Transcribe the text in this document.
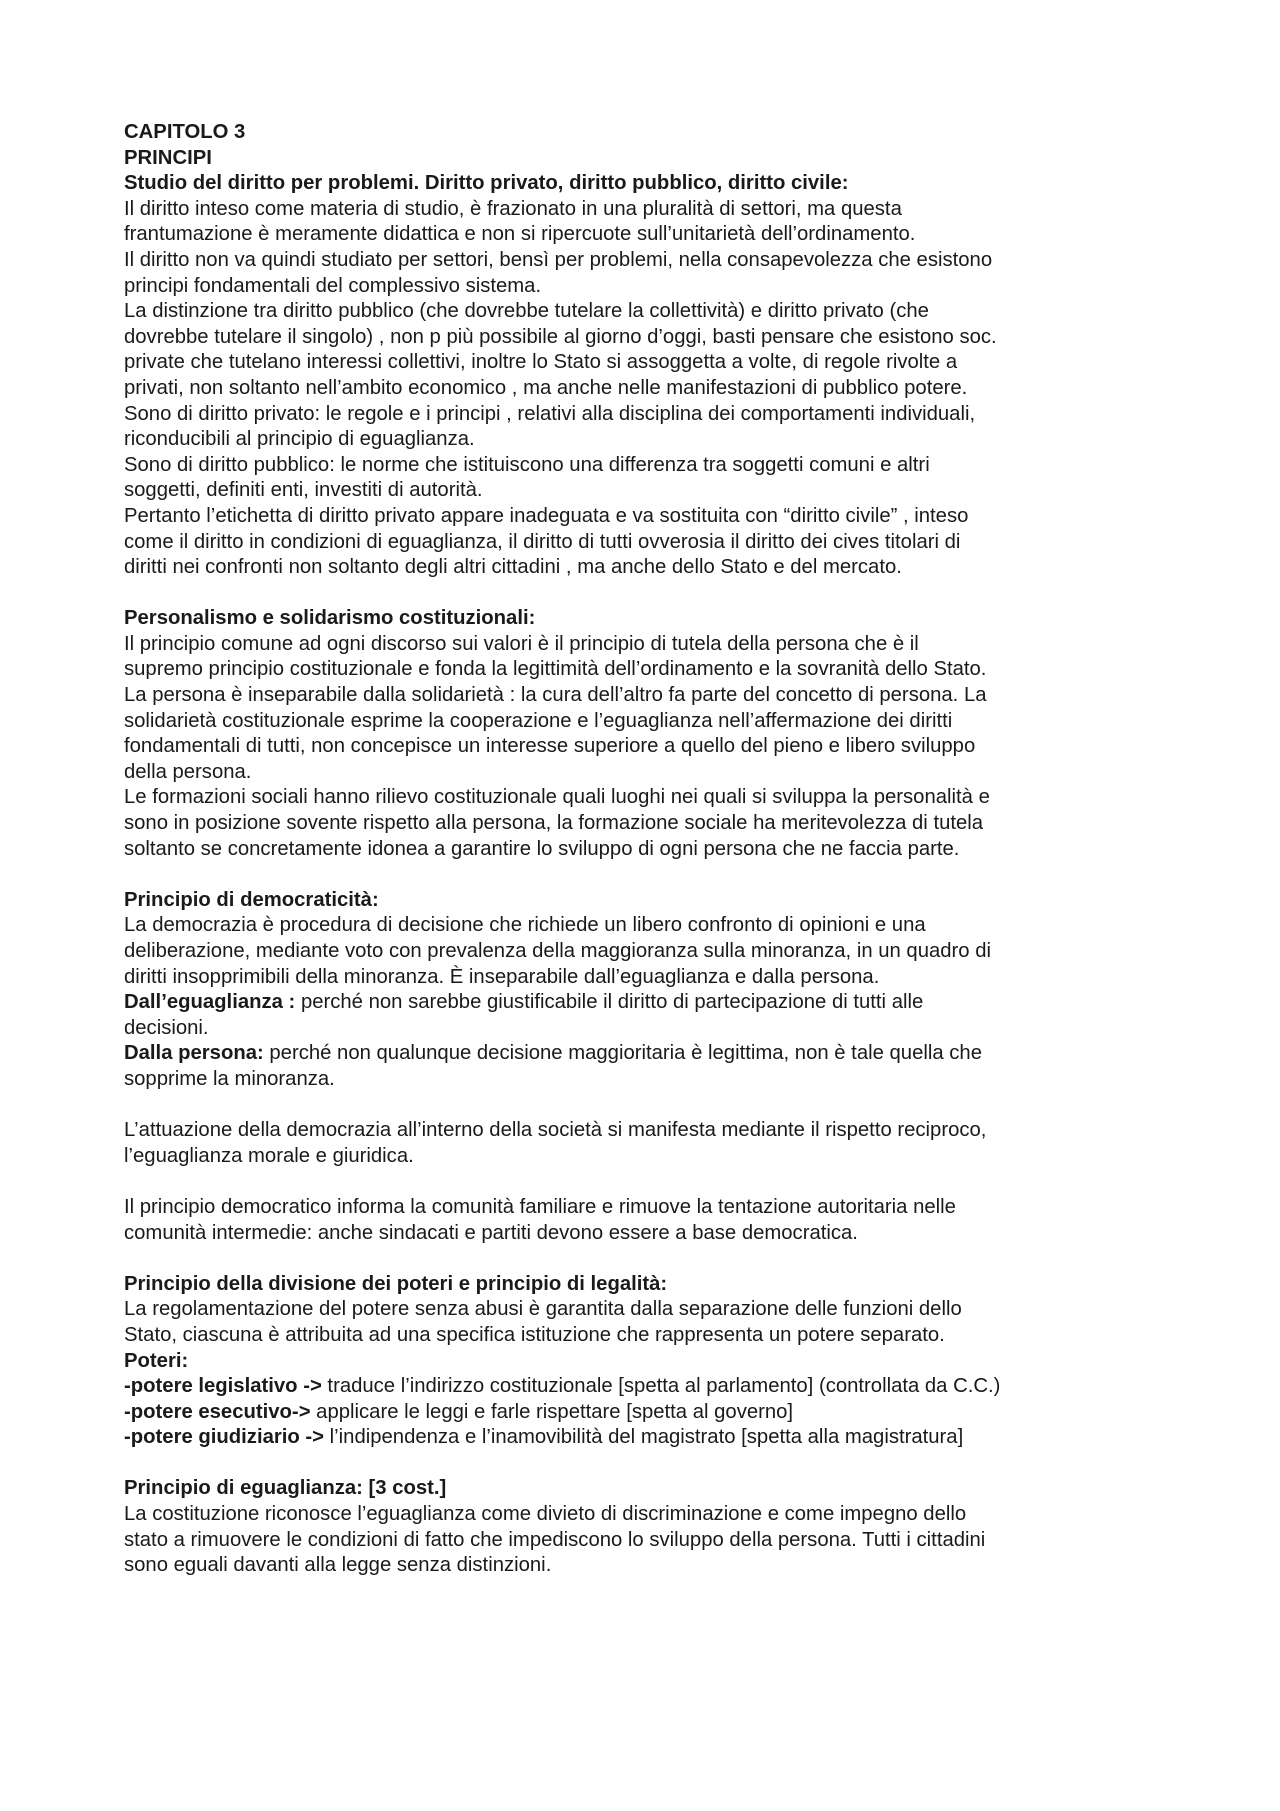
CAPITOLO 3
PRINCIPI
Studio del diritto per problemi. Diritto privato, diritto pubblico, diritto civile:
Il diritto inteso come materia di studio, è frazionato in una pluralità di settori, ma questa
frantumazione è meramente didattica e non si ripercuote sull’unitarietà dell’ordinamento.
Il diritto non va quindi studiato per settori, bensì per problemi, nella consapevolezza che esistono
principi fondamentali del complessivo sistema.
La distinzione tra diritto pubblico (che dovrebbe tutelare la collettività) e diritto privato (che
dovrebbe tutelare il singolo) , non p più possibile al giorno d’oggi, basti pensare che esistono soc.
private che tutelano interessi collettivi, inoltre lo Stato si assoggetta a volte, di regole rivolte a
privati, non soltanto nell’ambito economico , ma anche nelle manifestazioni di pubblico potere.
Sono di diritto privato: le regole e i principi , relativi alla disciplina dei comportamenti individuali,
riconducibili al principio di eguaglianza.
Sono di diritto pubblico: le norme che istituiscono una differenza tra soggetti comuni e altri
soggetti, definiti enti, investiti di autorità.
Pertanto l’etichetta di diritto privato appare inadeguata e va sostituita con “diritto civile” , inteso
come il diritto in condizioni di eguaglianza, il diritto di tutti ovverosia il diritto dei cives titolari di
diritti nei confronti non soltanto degli altri cittadini , ma anche dello Stato e del mercato.
Personalismo e solidarismo costituzionali:
Il principio comune ad ogni discorso sui valori è il principio di tutela della persona che è il
supremo principio costituzionale e fonda la legittimità dell’ordinamento e la sovranità dello Stato.
La persona è inseparabile dalla solidarietà : la cura dell’altro fa parte del concetto di persona. La
solidarietà costituzionale esprime la cooperazione e l’eguaglianza nell’affermazione dei diritti
fondamentali di tutti, non concepisce un interesse superiore a quello del pieno e libero sviluppo
della persona.
Le formazioni sociali hanno rilievo costituzionale quali luoghi nei quali si sviluppa la personalità e
sono in posizione sovente rispetto alla persona, la formazione sociale ha meritevolezza di tutela
soltanto se concretamente idonea a garantire lo sviluppo di ogni persona che ne faccia parte.
Principio di democraticità:
La democrazia è procedura di decisione che richiede un libero confronto di opinioni e una
deliberazione, mediante voto con prevalenza della maggioranza sulla minoranza, in un quadro di
diritti insopprimibili della minoranza. È inseparabile dall’eguaglianza e dalla persona.
Dall’eguaglianza : perché non sarebbe giustificabile il diritto di partecipazione di tutti alle
decisioni.
Dalla persona: perché non qualunque decisione maggioritaria è legittima, non è tale quella che
sopprime la minoranza.
L’attuazione della democrazia all’interno della società si manifesta mediante il rispetto reciproco,
l’eguaglianza morale e giuridica.
Il principio democratico informa la comunità familiare e rimuove la tentazione autoritaria nelle
comunità intermedie: anche sindacati e partiti devono essere a base democratica.
Principio della divisione dei poteri e principio di legalità:
La regolamentazione del potere senza abusi è garantita dalla separazione delle funzioni dello
Stato, ciascuna è attribuita ad una specifica istituzione che rappresenta un potere separato.
Poteri:
-potere legislativo -> traduce l’indirizzo costituzionale [spetta al parlamento] (controllata da C.C.)
-potere esecutivo-> applicare le leggi e farle rispettare [spetta al governo]
-potere giudiziario -> l’indipendenza e l’inamovibilità del magistrato [spetta alla magistratura]
Principio di eguaglianza: [3 cost.]
La costituzione riconosce l’eguaglianza come divieto di discriminazione e come impegno dello
stato a rimuovere le condizioni di fatto che impediscono lo sviluppo della persona. Tutti i cittadini
sono eguali davanti alla legge senza distinzioni.
